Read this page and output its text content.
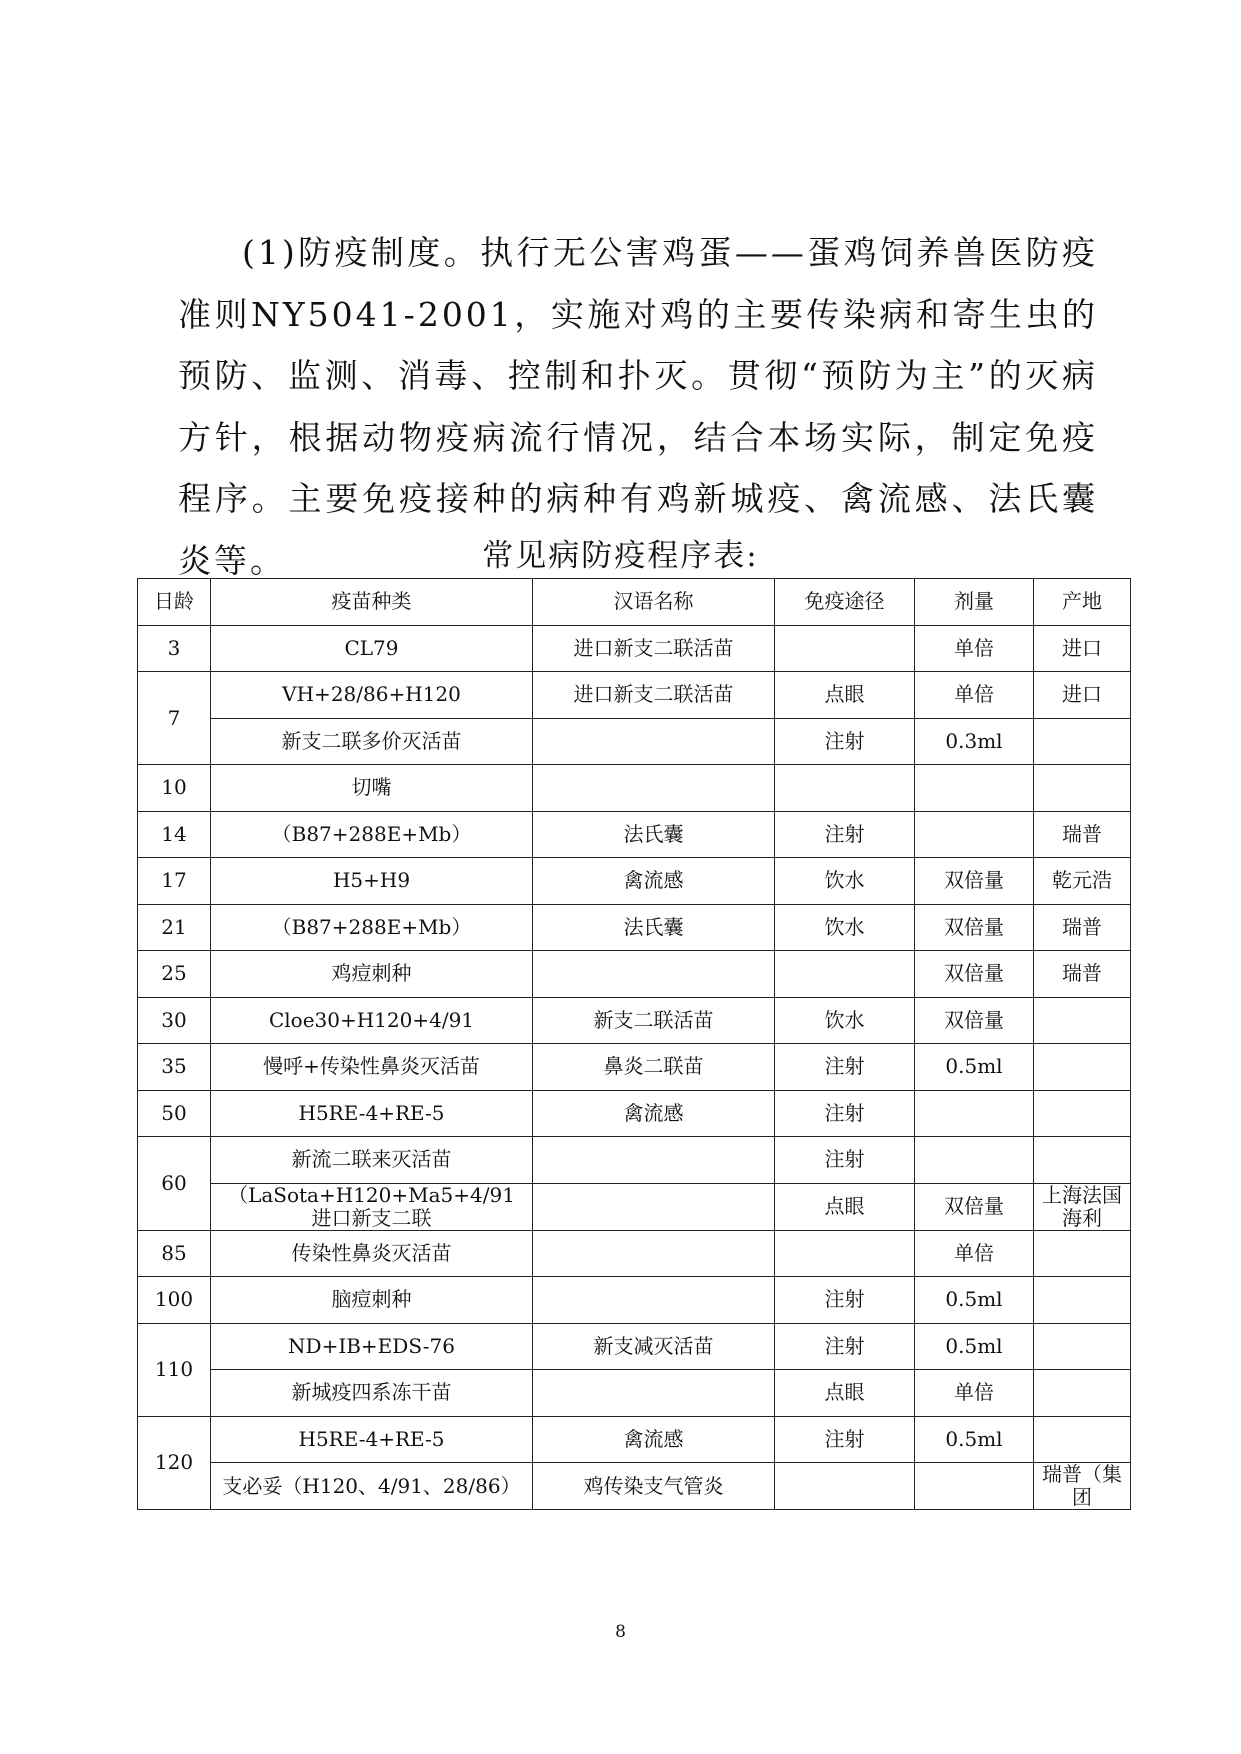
(1)防疫制度。执行无公害鸡蛋——蛋鸡饲养兽医防疫准则NY5041-2001，实施对鸡的主要传染病和寄生虫的预防、监测、消毒、控制和扑灭。贯彻“预防为主”的灭病方针，根据动物疫病流行情况，结合本场实际，制定免疫程序。主要免疫接种的病种有鸡新城疫、禽流感、法氏囊炎等。	常见病防疫程序表:
日龄	疫苗种类	汉语名称	免疫途径	剂量	产地
3	CL79	进口新支二联活苗		单倍	进口
7	VH+28/86+H120	进口新支二联活苗	点眼	单倍	进口
	新支二联多价灭活苗		注射	0.3ml	
10	切嘴				
14	（B87+288E+Mb）	法氏囊	注射		瑞普
17	H5+H9	禽流感	饮水	双倍量	乾元浩
21	（B87+288E+Mb）	法氏囊	饮水	双倍量	瑞普
25	鸡痘刺种			双倍量	瑞普
30	Cloe30+H120+4/91	新支二联活苗	饮水	双倍量	
35	慢呼+传染性鼻炎灭活苗	鼻炎二联苗	注射	0.5ml	
50	H5RE-4+RE-5	禽流感	注射		
60	新流二联来灭活苗		注射		
	（LaSota+H120+Ma5+4/91 进口新支二联		点眼	双倍量	上海法国海利
85	传染性鼻炎灭活苗			单倍	
100	脑痘刺种		注射	0.5ml	
110	ND+IB+EDS-76	新支减灭活苗	注射	0.5ml	
	新城疫四系冻干苗		点眼	单倍	
120	H5RE-4+RE-5	禽流感	注射	0.5ml	
	支必妥（H120、4/91、28/86）	鸡传染支气管炎			瑞普（集团
8
